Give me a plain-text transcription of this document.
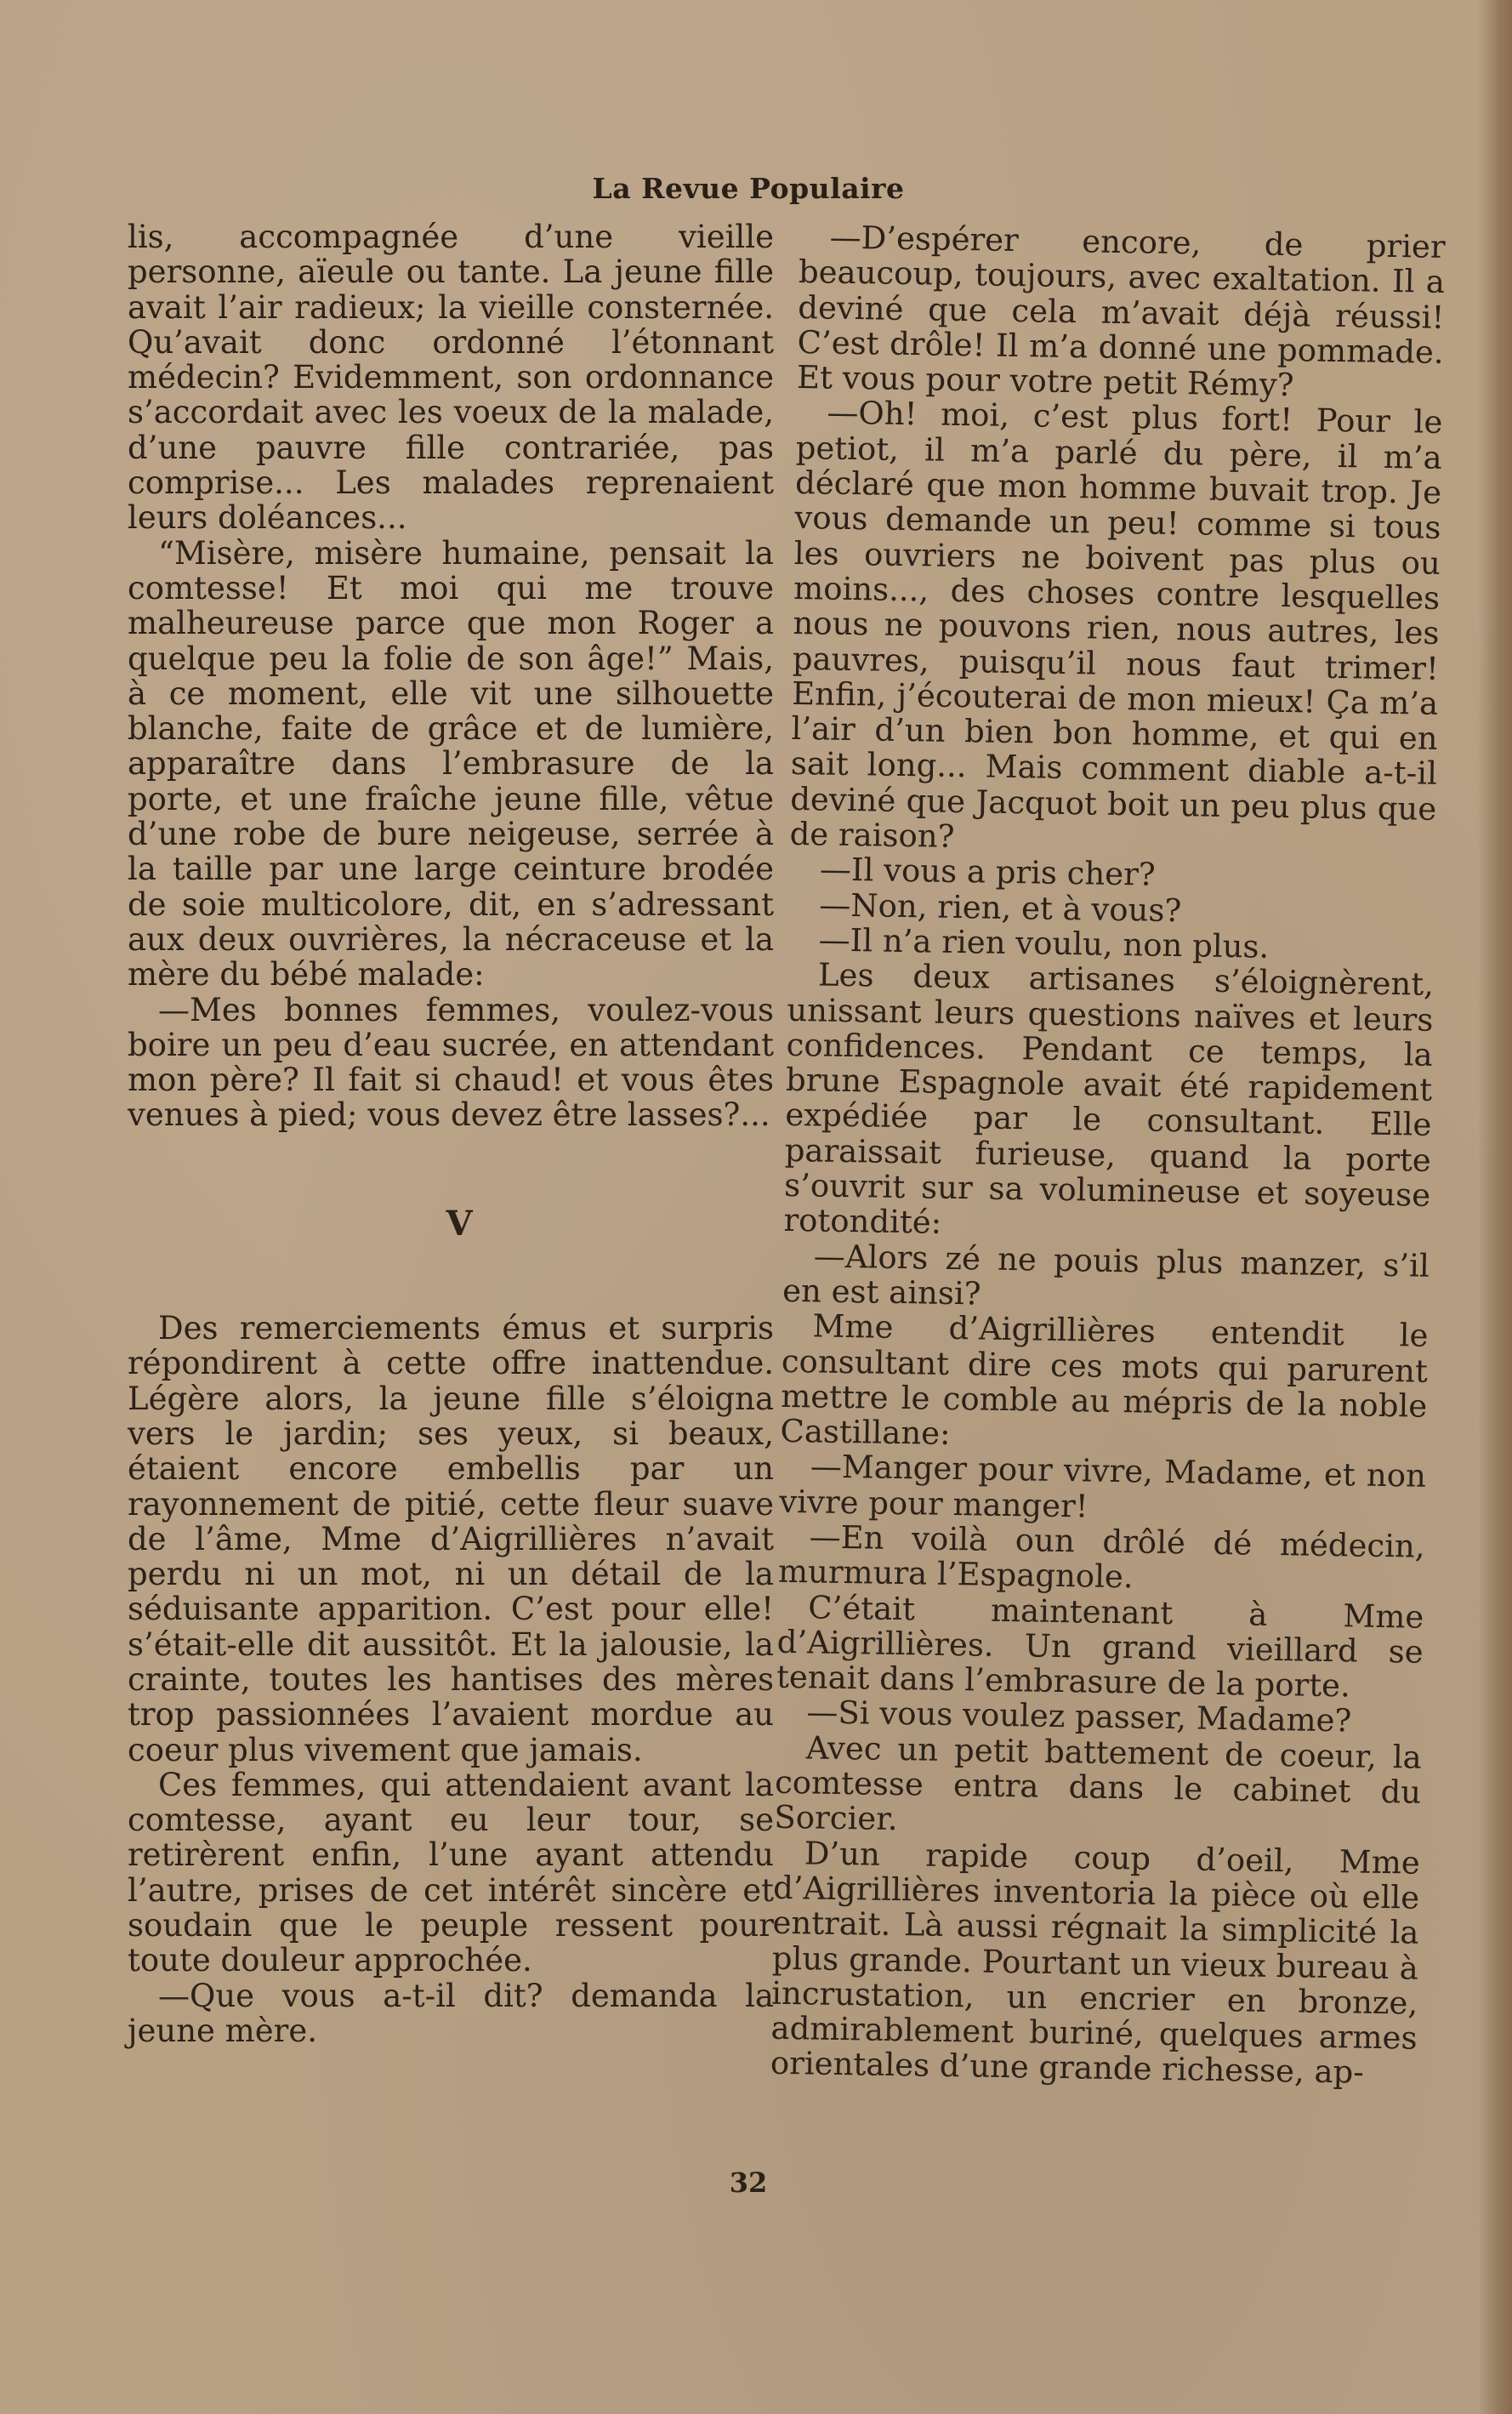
La Revue Populaire

lis, accompagnée d’une vieille personne, aïeule ou tante. La jeune fille avait l’air radieux; la vieille consternée. Qu’avait donc ordonné l’étonnant médecin? Evidemment, son ordonnance s’accordait avec les voeux de la malade, d’une pauvre fille contrariée, pas comprise... Les malades reprenaient leurs doléances...

“Misère, misère humaine, pensait la comtesse! Et moi qui me trouve malheureuse parce que mon Roger a quelque peu la folie de son âge!” Mais, à ce moment, elle vit une silhouette blanche, faite de grâce et de lumière, apparaître dans l’embrasure de la porte, et une fraîche jeune fille, vêtue d’une robe de bure neigeuse, serrée à la taille par une large ceinture brodée de soie multicolore, dit, en s’adressant aux deux ouvrières, la nécraceuse et la mère du bébé malade:

—Mes bonnes femmes, voulez-vous boire un peu d’eau sucrée, en attendant mon père? Il fait si chaud! et vous êtes venues à pied; vous devez être lasses?...

V

Des remerciements émus et surpris répondirent à cette offre inattendue. Légère alors, la jeune fille s’éloigna vers le jardin; ses yeux, si beaux, étaient encore embellis par un rayonnement de pitié, cette fleur suave de l’âme, Mme d’Aigrillières n’avait perdu ni un mot, ni un détail de la séduisante apparition. C’est pour elle! s’était-elle dit aussitôt. Et la jalousie, la crainte, toutes les hantises des mères trop passionnées l’avaient mordue au coeur plus vivement que jamais.

Ces femmes, qui attendaient avant la comtesse, ayant eu leur tour, se retirèrent enfin, l’une ayant attendu l’autre, prises de cet intérêt sincère et soudain que le peuple ressent pour toute douleur approchée.

—Que vous a-t-il dit? demanda la jeune mère.

—D’espérer encore, de prier beaucoup, toujours, avec exaltation. Il a deviné que cela m’avait déjà réussi! C’est drôle! Il m’a donné une pommade. Et vous pour votre petit Rémy?

—Oh! moi, c’est plus fort! Pour le petiot, il m’a parlé du père, il m’a déclaré que mon homme buvait trop. Je vous demande un peu! comme si tous les ouvriers ne boivent pas plus ou moins..., des choses contre lesquelles nous ne pouvons rien, nous autres, les pauvres, puisqu’il nous faut trimer! Enfin, j’écouterai de mon mieux! Ça m’a l’air d’un bien bon homme, et qui en sait long... Mais comment diable a-t-il deviné que Jacquot boit un peu plus que de raison?

—Il vous a pris cher?

—Non, rien, et à vous?

—Il n’a rien voulu, non plus.

Les deux artisanes s’éloignèrent, unissant leurs questions naïves et leurs confidences. Pendant ce temps, la brune Espagnole avait été rapidement expédiée par le consultant. Elle paraissait furieuse, quand la porte s’ouvrit sur sa volumineuse et soyeuse rotondité:

—Alors zé ne pouis plus manzer, s’il en est ainsi?

Mme d’Aigrillières entendit le consultant dire ces mots qui parurent mettre le comble au mépris de la noble Castillane:

—Manger pour vivre, Madame, et non vivre pour manger!

—En voilà oun drôlé dé médecin, murmura l’Espagnole.

C’était maintenant à Mme d’Aigrillières. Un grand vieillard se tenait dans l’embrasure de la porte.

—Si vous voulez passer, Madame?

Avec un petit battement de coeur, la comtesse entra dans le cabinet du Sorcier.

D’un rapide coup d’oeil, Mme d’Aigrillières inventoria la pièce où elle entrait. Là aussi régnait la simplicité la plus grande. Pourtant un vieux bureau à incrustation, un encrier en bronze, admirablement buriné, quelques armes orientales d’une grande richesse, ap-

32
